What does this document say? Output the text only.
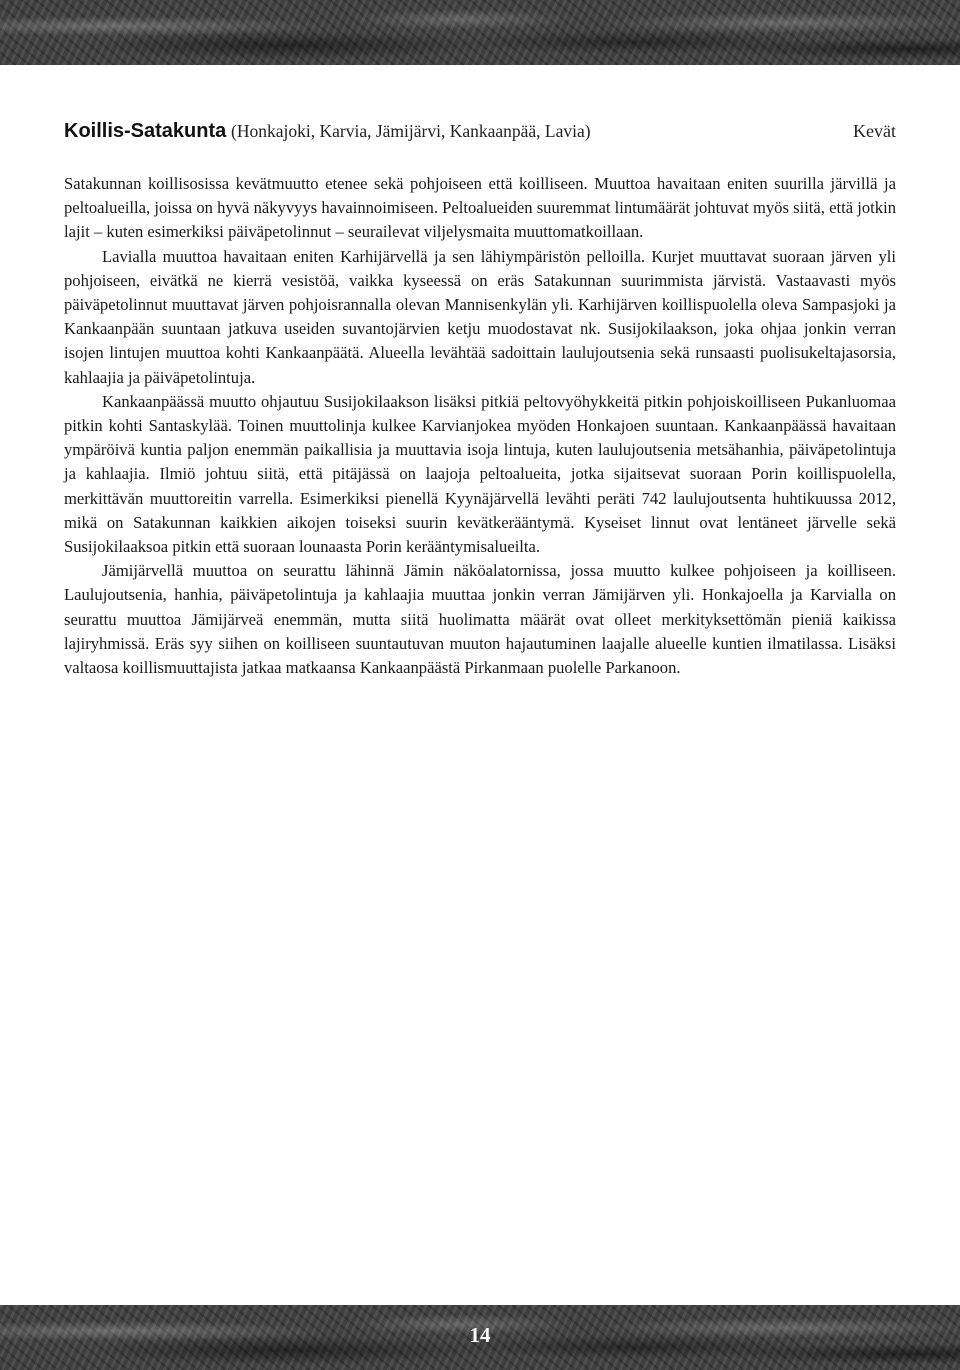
Koillis-Satakunta (Honkajoki, Karvia, Jämijärvi, Kankaanpää, Lavia)	Kevät

Satakunnan koillisosissa kevätmuutto etenee sekä pohjoiseen että koilliseen. Muuttoa havaitaan eniten suurilla järvillä ja peltoalueilla, joissa on hyvä näkyvyys havainnoimiseen. Peltoalueiden suuremmat lintumäärät johtuvat myös siitä, että jotkin lajit – kuten esimerkiksi päiväpetolinnut – seurailevat viljelysmaita muuttomatkoillaan.

Lavialla muuttoa havaitaan eniten Karhijärvellä ja sen lähiympäristön pelloilla. Kurjet muuttavat suoraan järven yli pohjoiseen, eivätkä ne kierrä vesistöä, vaikka kyseessä on eräs Satakunnan suurimmista järvistä. Vastaavasti myös päiväpetolinnut muuttavat järven pohjoisrannalla olevan Mannisenkylän yli. Karhijärven koillispuolella oleva Sampasjoki ja Kankaanpään suuntaan jatkuva useiden suvantojärvien ketju muodostavat nk. Susijokilaakson, joka ohjaa jonkin verran isojen lintujen muuttoa kohti Kankaanpäätä. Alueella levähtää sadoittain laulujoutsenia sekä runsaasti puolisukeltajasorsia, kahlaajia ja päiväpetolintuja.

Kankaanpäässä muutto ohjautuu Susijokilaakson lisäksi pitkiä peltovyöhykkeitä pitkin pohjoiskoilliseen Pukanluomaa pitkin kohti Santaskylää. Toinen muuttolinja kulkee Karvianjokea myöden Honkajoen suuntaan. Kankaanpäässä havaitaan ympäröivä kuntia paljon enemmän paikallisia ja muuttavia isoja lintuja, kuten laulujoutsenia metsähanhia, päiväpetolintuja ja kahlaajia. Ilmiö johtuu siitä, että pitäjässä on laajoja peltoalueita, jotka sijaitsevat suoraan Porin koillispuolella, merkittävän muuttoreitin varrella. Esimerkiksi pienellä Kyynäjärvellä levähti peräti 742 laulujoutsenta huhtikuussa 2012, mikä on Satakunnan kaikkien aikojen toiseksi suurin kevätkerääntymä. Kyseiset linnut ovat lentäneet järvelle sekä Susijokilaaksoa pitkin että suoraan lounaasta Porin kerääntymisalueilta.

Jämijärvellä muuttoa on seurattu lähinnä Jämin näköalatornissa, jossa muutto kulkee pohjoiseen ja koilliseen. Laulujoutsenia, hanhia, päiväpetolintuja ja kahlaajia muuttaa jonkin verran Jämijärven yli. Honkajoella ja Karvialla on seurattu muuttoa Jämijärveä enemmän, mutta siitä huolimatta määrät ovat olleet merkityksettömän pieniä kaikissa lajiryhmissä. Eräs syy siihen on koilliseen suuntautuvan muuton hajautuminen laajalle alueelle kuntien ilmatilassa. Lisäksi valtaosa koillismuuttajista jatkaa matkaansa Kankaanpäästä Pirkanmaan puolelle Parkanoon.

14
